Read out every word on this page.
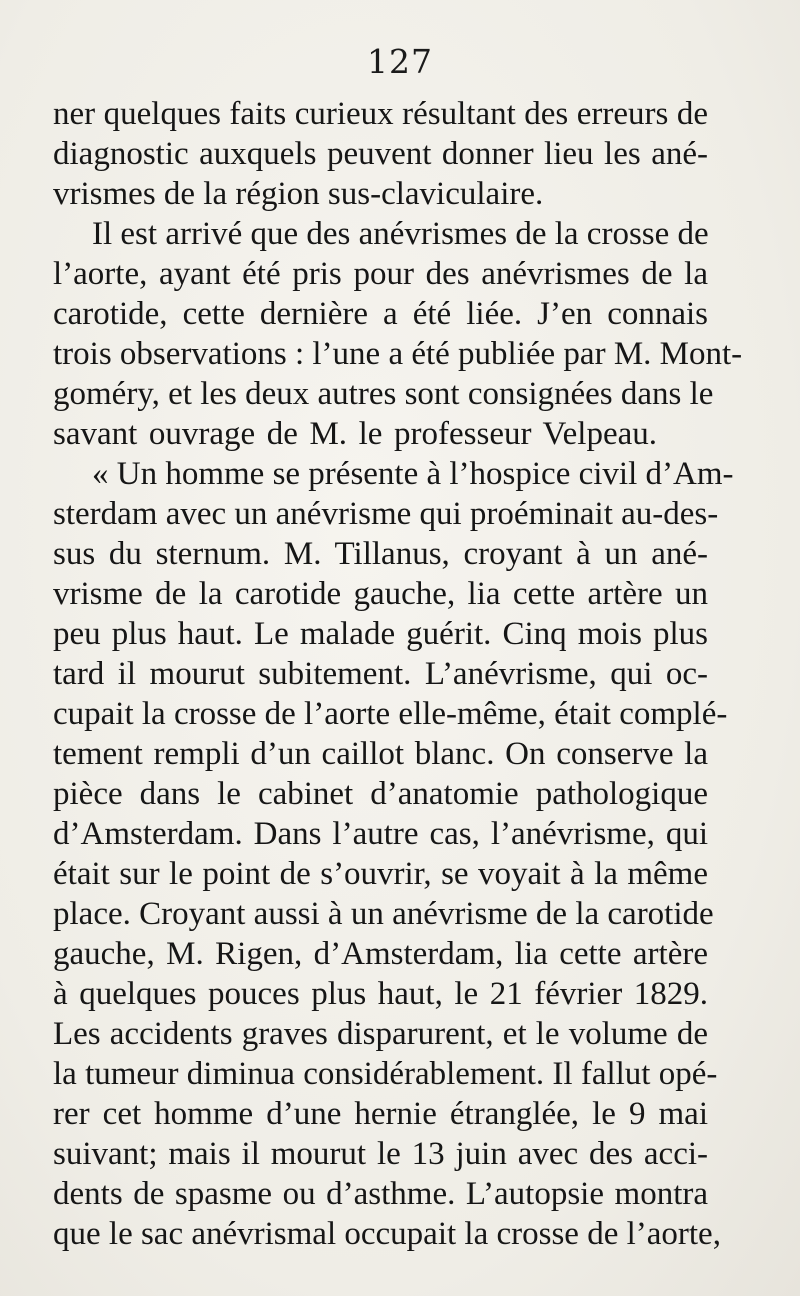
127
ner quelques faits curieux résultant des erreurs de
diagnostic auxquels peuvent donner lieu les ané-
vrismes de la région sus-claviculaire.
Il est arrivé que des anévrismes de la crosse de
l’aorte, ayant été pris pour des anévrismes de la
carotide, cette dernière a été liée. J’en connais
trois observations : l’une a été publiée par M. Mont-
goméry, et les deux autres sont consignées dans le
savant ouvrage de M. le professeur Velpeau.
« Un homme se présente à l’hospice civil d’Am-
sterdam avec un anévrisme qui proéminait au-des-
sus du sternum. M. Tillanus, croyant à un ané-
vrisme de la carotide gauche, lia cette artère un
peu plus haut. Le malade guérit. Cinq mois plus
tard il mourut subitement. L’anévrisme, qui oc-
cupait la crosse de l’aorte elle-même, était complé-
tement rempli d’un caillot blanc. On conserve la
pièce dans le cabinet d’anatomie pathologique
d’Amsterdam. Dans l’autre cas, l’anévrisme, qui
était sur le point de s’ouvrir, se voyait à la même
place. Croyant aussi à un anévrisme de la carotide
gauche, M. Rigen, d’Amsterdam, lia cette artère
à quelques pouces plus haut, le 21 février 1829.
Les accidents graves disparurent, et le volume de
la tumeur diminua considérablement. Il fallut opé-
rer cet homme d’une hernie étranglée, le 9 mai
suivant; mais il mourut le 13 juin avec des acci-
dents de spasme ou d’asthme. L’autopsie montra
que le sac anévrismal occupait la crosse de l’aorte,
